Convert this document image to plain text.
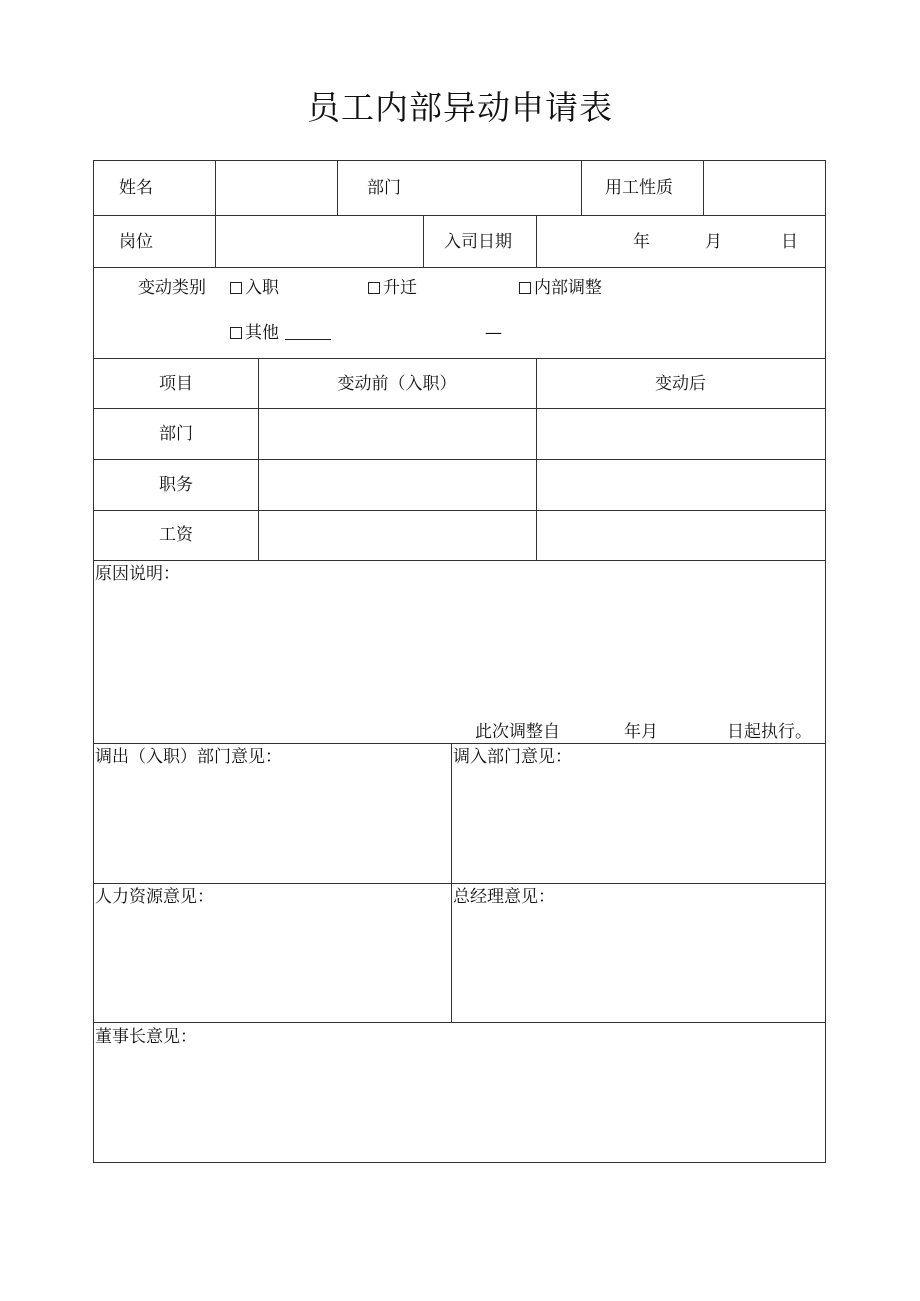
员工内部异动申请表
姓名	部门	用工性质
岗位	入司日期	年	月	日
变动类别	入职	升迁	内部调整
其他	—
项目	变动前（入职）	变动后
部门
职务
工资
原因说明：
此次调整自	年月	日起执行。
调出（入职）部门意见：	调入部门意见：
人力资源意见：	总经理意见：
董事长意见：
